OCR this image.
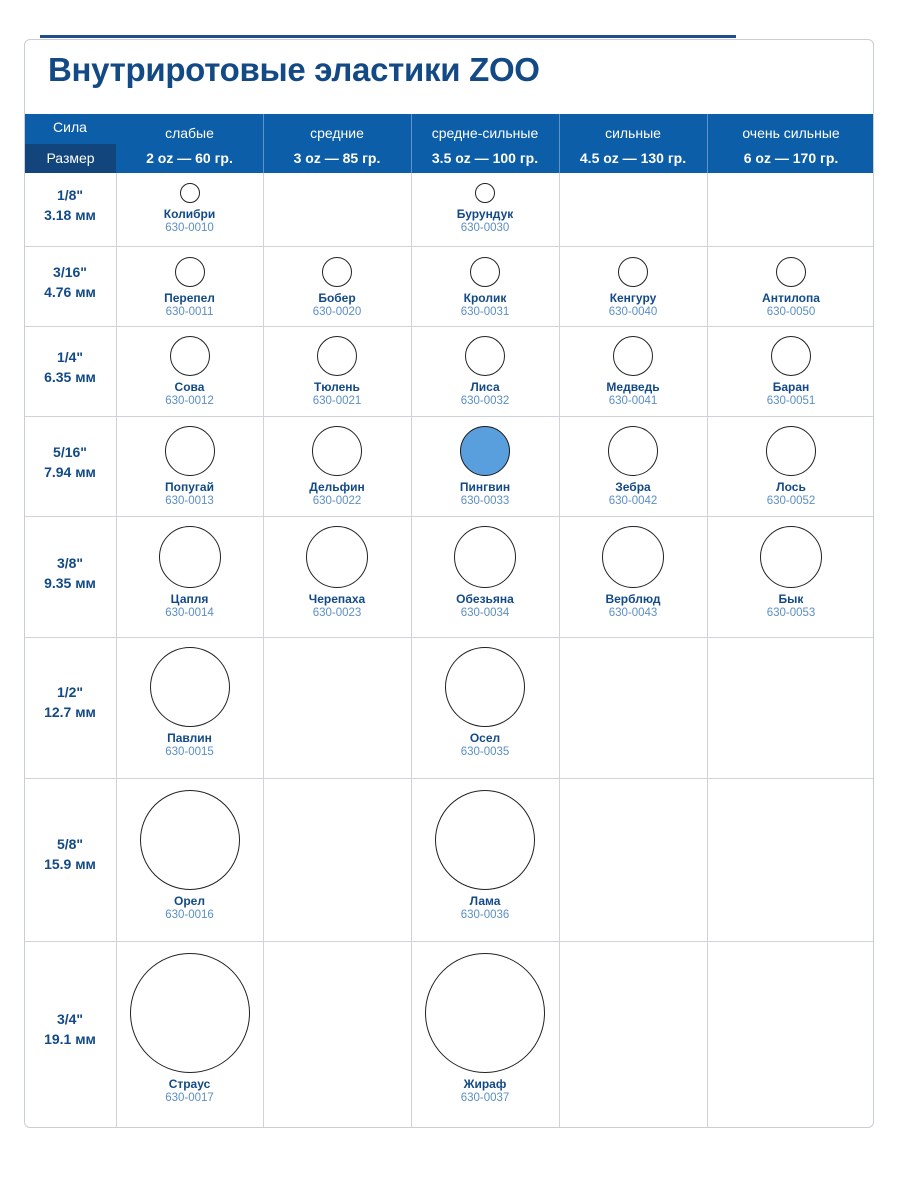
Внутриротовые эластики ZOO
Сила
Размер
слабые
2 oz — 60 гр.
средние
3 oz — 85 гр.
средне-сильные
3.5 oz — 100 гр.
сильные
4.5 oz — 130 гр.
очень сильные
6 oz — 170 гр.
1/8"
3.18 мм	Колибри
630-0010
Бурундук
630-0030
3/16"
4.76 мм	Перепел
630-0011
Бобер
630-0020
Кролик
630-0031
Кенгуру
630-0040
Антилопа
630-0050
1/4"
6.35 мм
Сова
630-0012
Тюлень
630-0021
Лиса
630-0032
Медведь
630-0041
Баран
630-0051
5/16"
7.94 мм
Попугай
630-0013
Дельфин
630-0022
Пингвин
630-0033
Зебра
630-0042
Лось
630-0052
3/8"
9.35 мм
Цапля
630-0014
Черепаха
630-0023
Обезьяна
630-0034
Верблюд
630-0043
Бык
630-0053
1/2"
12.7 мм
Павлин
630-0015
Осел
630-0035
5/8"
15.9 мм
Орел
630-0016
Лама
630-0036
3/4"
19.1 мм
Страус
630-0017
Жираф
630-0037
